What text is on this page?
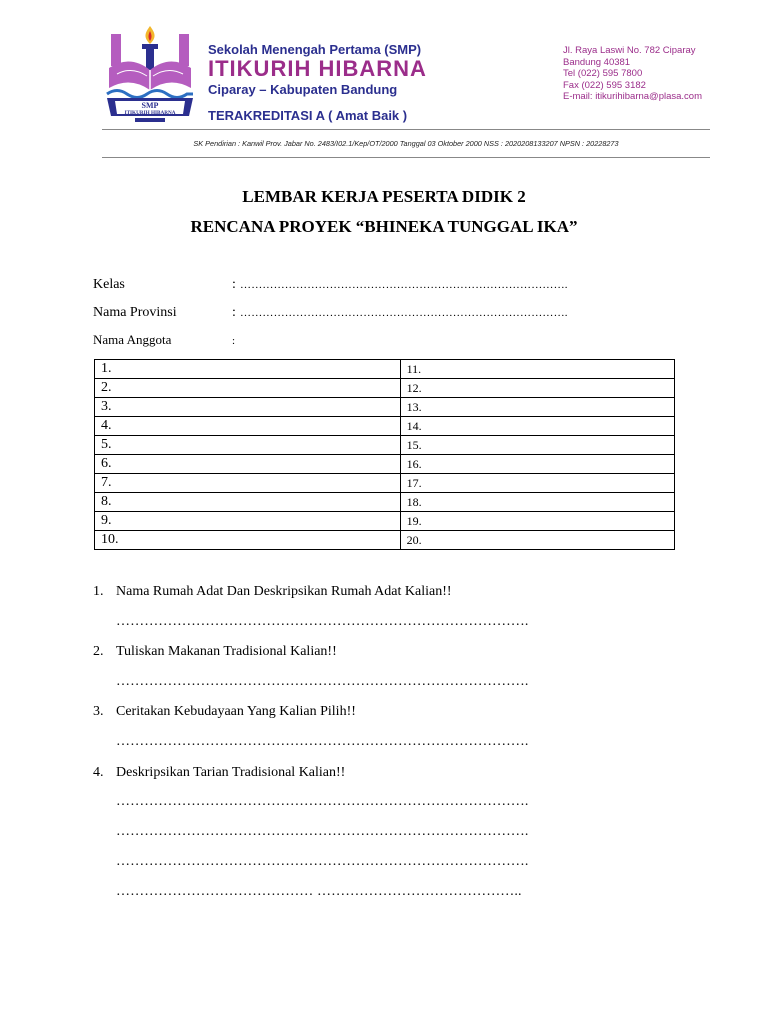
SMP
ITIKURIH HIBARNA
Sekolah Menengah Pertama (SMP)
ITIKURIH HIBARNA
Ciparay – Kabupaten Bandung
TERAKREDITASI A ( Amat Baik )
Jl. Raya Laswi No. 782 Ciparay
Bandung 40381
Tel (022) 595 7800
Fax (022) 595 3182
E-mail: itikurihibarna@plasa.com
SK Pendirian : Kanwil Prov. Jabar No. 2483/I02.1/Kep/OT/2000 Tanggal 03 Oktober 2000 NSS : 2020208133207 NPSN : 20228273
LEMBAR KERJA PESERTA DIDIK 2
RENCANA PROYEK “BHINEKA TUNGGAL IKA”
Kelas	: …………………………………………………………………………….
Nama Provinsi	: …………………………………………………………………………….
Nama Anggota	:
1.	11.
2.	12.
3.	13.
4.	14.
5.	15.
6.	16.
7.	17.
8.	18.
9.	19.
10.	20.
1. Nama Rumah Adat Dan Deskripsikan Rumah Adat Kalian!!
…………………………………………………………………………….
2. Tuliskan Makanan Tradisional Kalian!!
…………………………………………………………………………….
3. Ceritakan Kebudayaan Yang Kalian Pilih!!
…………………………………………………………………………….
4. Deskripsikan Tarian Tradisional Kalian!!
…………………………………………………………………………….
…………………………………………………………………………….
…………………………………………………………………………….
…………………………………… ……………………………………..
